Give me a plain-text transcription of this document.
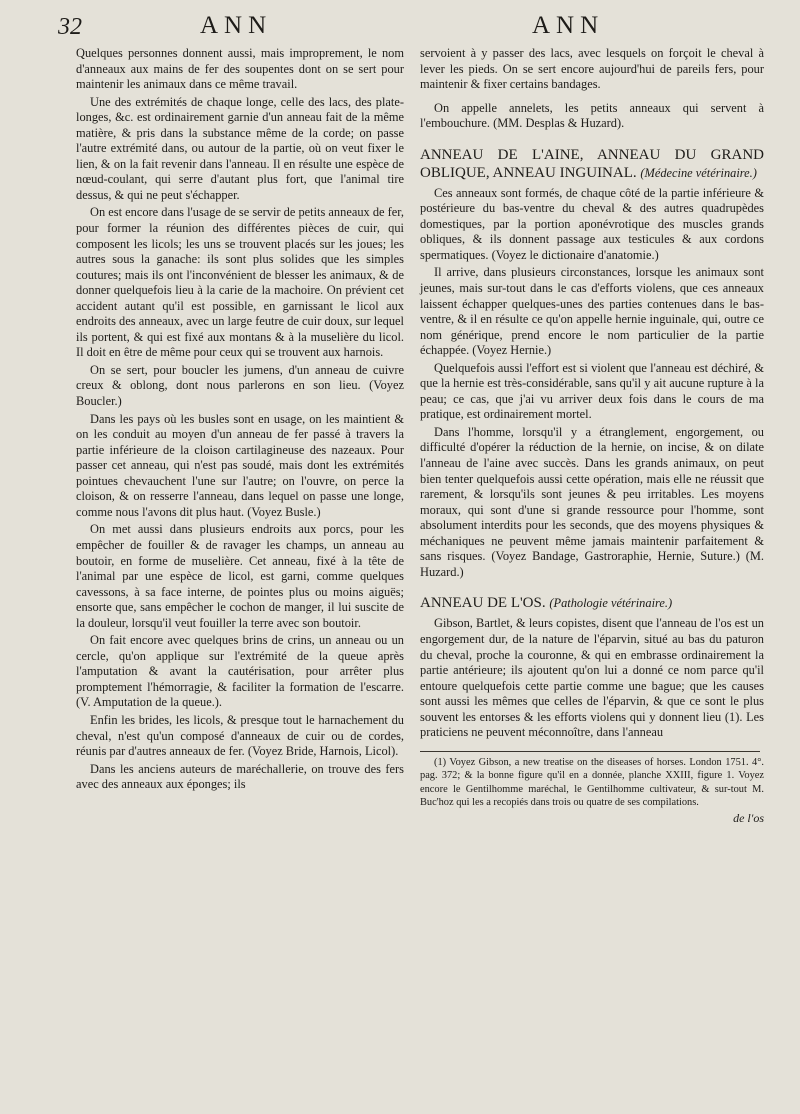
32	ANN	ANN

Quelques personnes donnent aussi, mais improprement, le nom d'anneaux aux mains de fer des soupentes dont on se sert pour maintenir les animaux dans ce même travail.

Une des extrémités de chaque longe, celle des lacs, des plate-longes, &c. est ordinairement garnie d'un anneau fait de la même matière, & pris dans la substance même de la corde; on passe l'autre extrémité dans, ou autour de la partie, où on veut fixer le lien, & on la fait revenir dans l'anneau. Il en résulte une espèce de nœud-coulant, qui serre d'autant plus fort, que l'animal tire dessus, & qui ne peut s'échapper.

On est encore dans l'usage de se servir de petits anneaux de fer, pour former la réunion des différentes pièces de cuir, qui composent les licols; les uns se trouvent placés sur les joues; les autres sous la ganache: ils sont plus solides que les simples coutures; mais ils ont l'inconvénient de blesser les animaux, & de donner quelquefois lieu à la carie de la machoire. On prévient cet accident autant qu'il est possible, en garnissant le licol aux endroits des anneaux, avec un large feutre de cuir doux, sur lequel ils portent, & qui est fixé aux montans & à la muselière du licol. Il doit en être de même pour ceux qui se trouvent aux harnois.

On se sert, pour boucler les jumens, d'un anneau de cuivre creux & oblong, dont nous parlerons en son lieu. (Voyez Boucler.)

Dans les pays où les busles sont en usage, on les maintient & on les conduit au moyen d'un anneau de fer passé à travers la partie inférieure de la cloison cartilagineuse des nazeaux. Pour passer cet anneau, qui n'est pas soudé, mais dont les extrémités pointues chevauchent l'une sur l'autre; on l'ouvre, on perce la cloison, & on resserre l'anneau, dans lequel on passe une longe, comme nous l'avons dit plus haut. (Voyez Busle.)

On met aussi dans plusieurs endroits aux porcs, pour les empêcher de fouiller & de ravager les champs, un anneau au boutoir, en forme de muselière. Cet anneau, fixé à la tête de l'animal par une espèce de licol, est garni, comme quelques cavessons, à sa face interne, de pointes plus ou moins aiguës; ensorte que, sans empêcher le cochon de manger, il lui suscite de la douleur, lorsqu'il veut fouiller la terre avec son boutoir.

On fait encore avec quelques brins de crins, un anneau ou un cercle, qu'on applique sur l'extrémité de la queue après l'amputation & avant la cautérisation, pour arrêter plus promptement l'hémorragie, & faciliter la formation de l'escarre. (V. Amputation de la queue.).

Enfin les brides, les licols, & presque tout le harnachement du cheval, n'est qu'un composé d'anneaux de cuir ou de cordes, réunis par d'autres anneaux de fer. (Voyez Bride, Harnois, Licol).

Dans les anciens auteurs de maréchallerie, on trouve des fers avec des anneaux aux éponges; ils

servoient à y passer des lacs, avec lesquels on forçoit le cheval à lever les pieds. On se sert encore aujourd'hui de pareils fers, pour maintenir & fixer certains bandages.

On appelle annelets, les petits anneaux qui servent à l'embouchure. (MM. Desplas & Huzard).

ANNEAU DE L'AINE, ANNEAU DU GRAND OBLIQUE, ANNEAU INGUINAL. (Médecine vétérinaire.)

Ces anneaux sont formés, de chaque côté de la partie inférieure & postérieure du bas-ventre du cheval & des autres quadrupèdes domestiques, par la portion aponévrotique des muscles grands obliques, & ils donnent passage aux testicules & aux cordons spermatiques. (Voyez le dictionaire d'anatomie.)

Il arrive, dans plusieurs circonstances, lorsque les animaux sont jeunes, mais sur-tout dans le cas d'efforts violens, que ces anneaux laissent échapper quelques-unes des parties contenues dans le bas-ventre, & il en résulte ce qu'on appelle hernie inguinale, qui, outre ce nom générique, prend encore le nom particulier de la partie échappée. (Voyez Hernie.)

Quelquefois aussi l'effort est si violent que l'anneau est déchiré, & que la hernie est très-considérable, sans qu'il y ait aucune rupture à la peau; ce cas, que j'ai vu arriver deux fois dans le cours de ma pratique, est ordinairement mortel.

Dans l'homme, lorsqu'il y a étranglement, engorgement, ou difficulté d'opérer la réduction de la hernie, on incise, & on dilate l'anneau de l'aine avec succès. Dans les grands animaux, on peut bien tenter quelquefois aussi cette opération, mais elle ne réussit que rarement, & lorsqu'ils sont jeunes & peu irritables. Les moyens moraux, qui sont d'une si grande ressource pour l'homme, sont absolument interdits pour les seconds, que des moyens physiques & méchaniques ne peuvent même jamais maintenir parfaitement & sans risques. (Voyez Bandage, Gastroraphie, Hernie, Suture.) (M. Huzard.)

ANNEAU DE L'OS. (Pathologie vétérinaire.)

Gibson, Bartlet, & leurs copistes, disent que l'anneau de l'os est un engorgement dur, de la nature de l'éparvin, situé au bas du paturon du cheval, proche la couronne, & qui en embrasse ordinairement la partie antérieure; ils ajoutent qu'on lui a donné ce nom parce qu'il entoure quelquefois cette partie comme une bague; que les causes sont aussi les mêmes que celles de l'éparvin, & que ce sont le plus souvent les entorses & les efforts violens qui y donnent lieu (1). Les praticiens ne peuvent méconnoître, dans l'anneau

(1) Voyez Gibson, a new treatise on the diseases of horses. London 1751. 4°. pag. 372; & la bonne figure qu'il en a donnée, planche XXIII, figure 1. Voyez encore le Gentilhomme maréchal, le Gentilhomme cultivateur, & sur-tout M. Buc'hoz qui les a recopiés dans trois ou quatre de ses compilations.

de l'os
